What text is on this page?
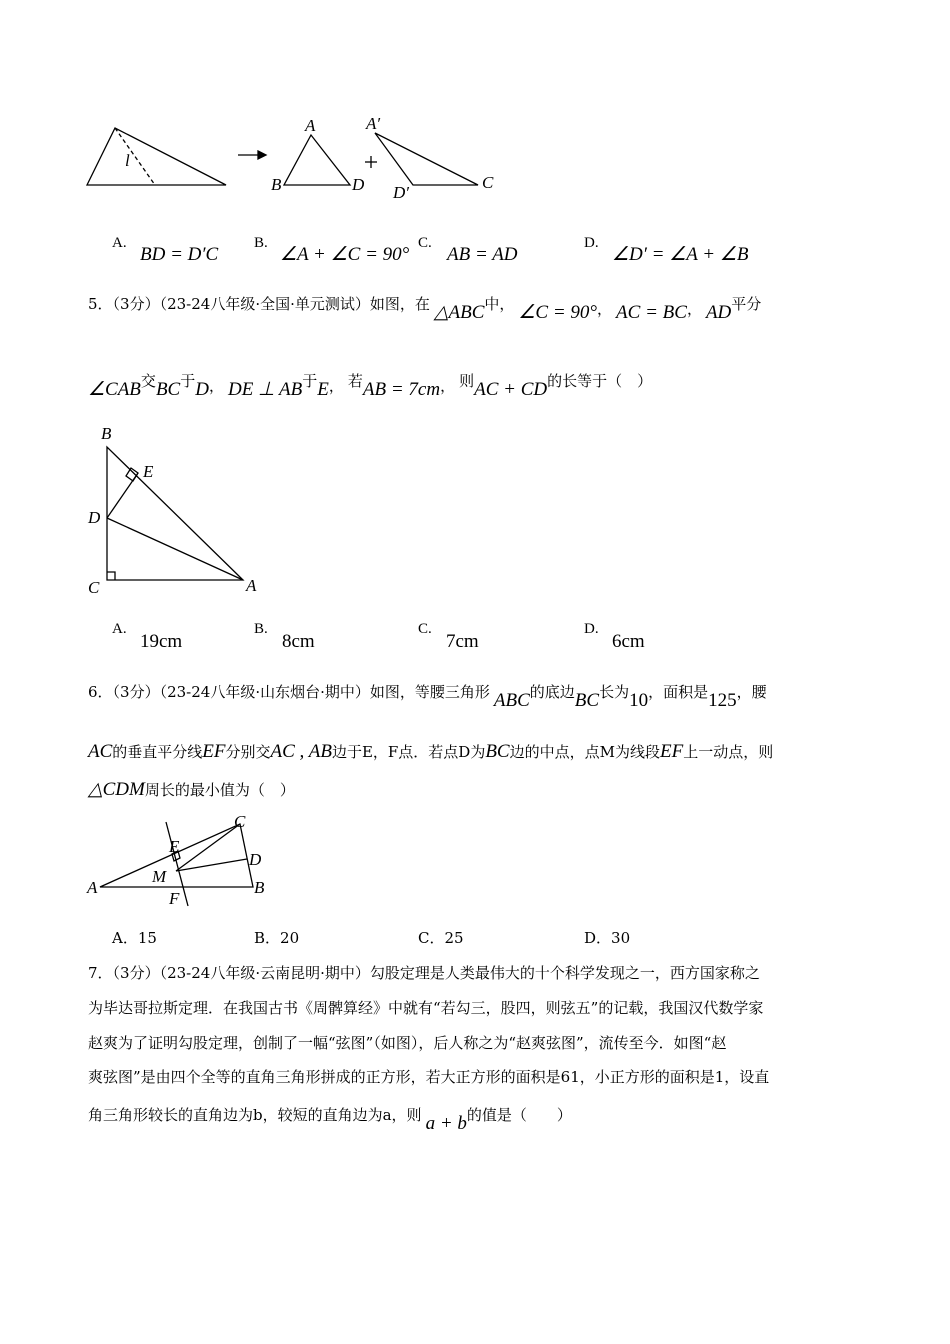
l
A
B	D
A′
D′
C
B
E
D
C	A
C
E
D
M
A
F
B
A.
BD = D′C
B.
∠A + ∠C = 90°
C.
AB = AD
D.
∠D′ = ∠A + ∠B
5．（3分）（23-24八年级·全国·单元测试）如图，在 △ABC中， ∠C = 90°， AC = BC， AD平分
∠CAB交BC于D， DE ⊥ AB于E， 若AB = 7cm， 则AC + CD的长等于（　）
A.
19cm
B.
8cm
C.
7cm
D.
6cm
6．（3分）（23-24八年级·山东烟台·期中）如图，等腰三角形 ABC的底边BC长为10，面积是125，腰
AC的垂直平分线EF分别交AC , AB边于E，F点．若点D为BC边的中点，点M为线段EF上一动点，则
△CDM周长的最小值为（　）
A．15	B．20	C．25	D．30
7．（3分）（23-24八年级·云南昆明·期中）勾股定理是人类最伟大的十个科学发现之一，西方国家称之
为毕达哥拉斯定理．在我国古书《周髀算经》中就有“若勾三，股四，则弦五”的记载，我国汉代数学家
赵爽为了证明勾股定理，创制了一幅“弦图”（如图），后人称之为“赵爽弦图”，流传至今．如图“赵
爽弦图”是由四个全等的直角三角形拼成的正方形，若大正方形的面积是61，小正方形的面积是1，设直
角三角形较长的直角边为b，较短的直角边为a，则 a + b的值是（　　）
